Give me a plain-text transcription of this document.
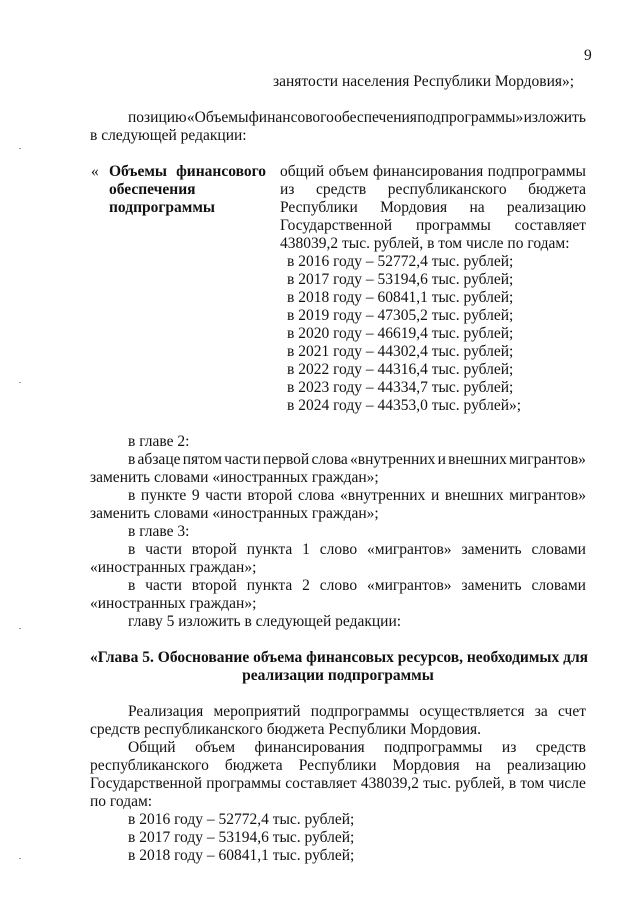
9
занятости населения Республики Мордовия»;
позицию «Объемы финансового обеспечения подпрограммы» изложить
в следующей редакции:
« Объемы финансового
обеспечения
подпрограммы
общий объем финансирования подпрограммы
из средств республиканского бюджета
Республики Мордовия на реализацию
Государственной программы составляет
438039,2 тыс. рублей, в том числе по годам:
в 2016 году – 52772,4 тыс. рублей;
в 2017 году – 53194,6 тыс. рублей;
в 2018 году – 60841,1 тыс. рублей;
в 2019 году – 47305,2 тыс. рублей;
в 2020 году – 46619,4 тыс. рублей;
в 2021 году – 44302,4 тыс. рублей;
в 2022 году – 44316,4 тыс. рублей;
в 2023 году – 44334,7 тыс. рублей;
в 2024 году – 44353,0 тыс. рублей»;
в главе 2:
в абзаце пятом части первой слова «внутренних и внешних мигрантов»
заменить словами «иностранных граждан»;
в пункте 9 части второй слова «внутренних и внешних мигрантов»
заменить словами «иностранных граждан»;
в главе 3:
в части второй пункта 1 слово «мигрантов» заменить словами
«иностранных граждан»;
в части второй пункта 2 слово «мигрантов» заменить словами
«иностранных граждан»;
главу 5 изложить в следующей редакции:
«Глава 5. Обоснование объема финансовых ресурсов, необходимых для
реализации подпрограммы
Реализация мероприятий подпрограммы осуществляется за счет
средств республиканского бюджета Республики Мордовия.
Общий объем финансирования подпрограммы из средств
республиканского бюджета Республики Мордовия на реализацию
Государственной программы составляет 438039,2 тыс. рублей, в том числе
по годам:
в 2016 году – 52772,4 тыс. рублей;
в 2017 году – 53194,6 тыс. рублей;
в 2018 году – 60841,1 тыс. рублей;
